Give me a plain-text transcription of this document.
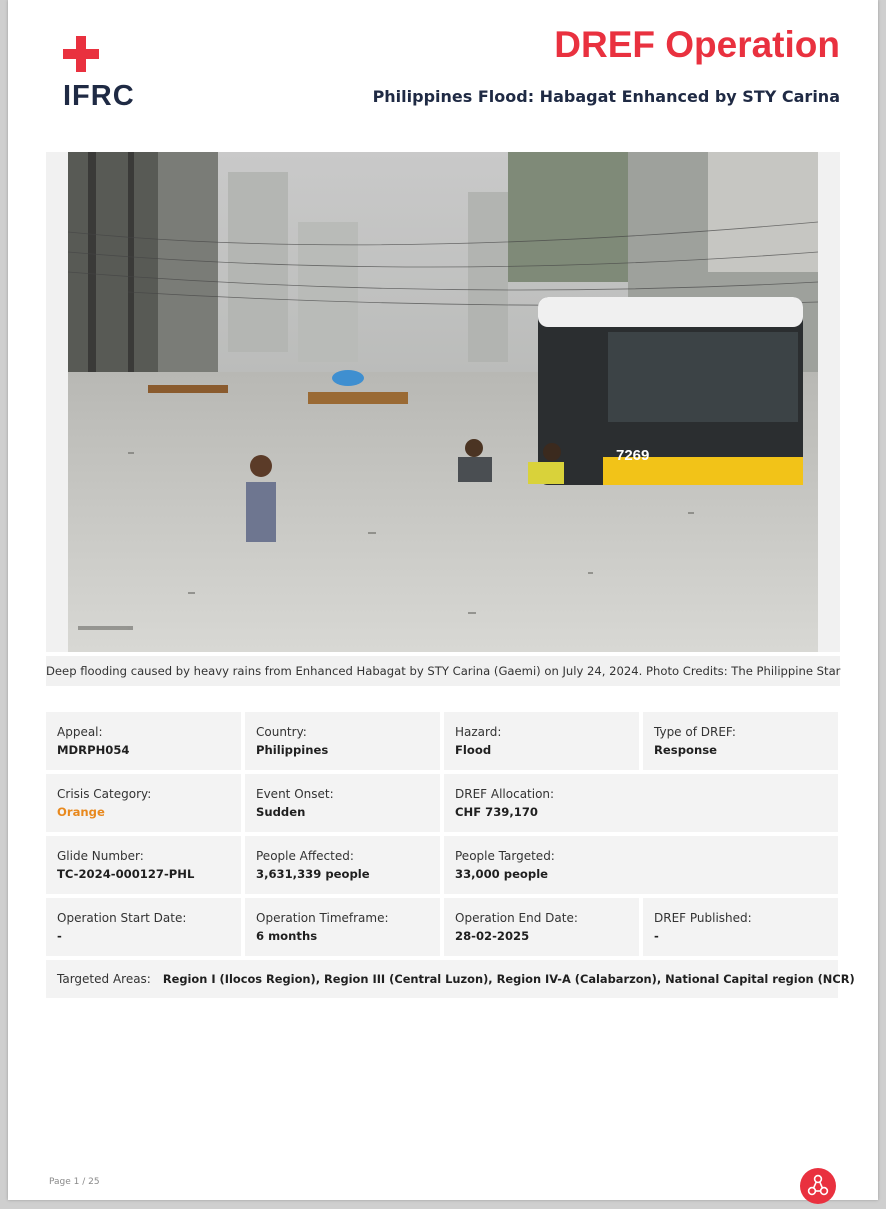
IFRC
DREF Operation
Philippines Flood: Habagat Enhanced by STY Carina
7269
Deep flooding caused by heavy rains from Enhanced Habagat by STY Carina (Gaemi) on July 24, 2024. Photo Credits: The Philippine Star
Appeal:
MDRPH054
Country:
Philippines
Hazard:
Flood
Type of DREF:
Response
Crisis Category:
Orange
Event Onset:
Sudden
DREF Allocation:
CHF 739,170
Glide Number:
TC-2024-000127-PHL
People Affected:
3,631,339 people
People Targeted:
33,000 people
Operation Start Date:
-
Operation Timeframe:
6 months
Operation End Date:
28-02-2025
DREF Published:
-
Targeted Areas: Region I (Ilocos Region), Region III (Central Luzon), Region IV-A (Calabarzon), National Capital region (NCR)
Page 1 / 25
